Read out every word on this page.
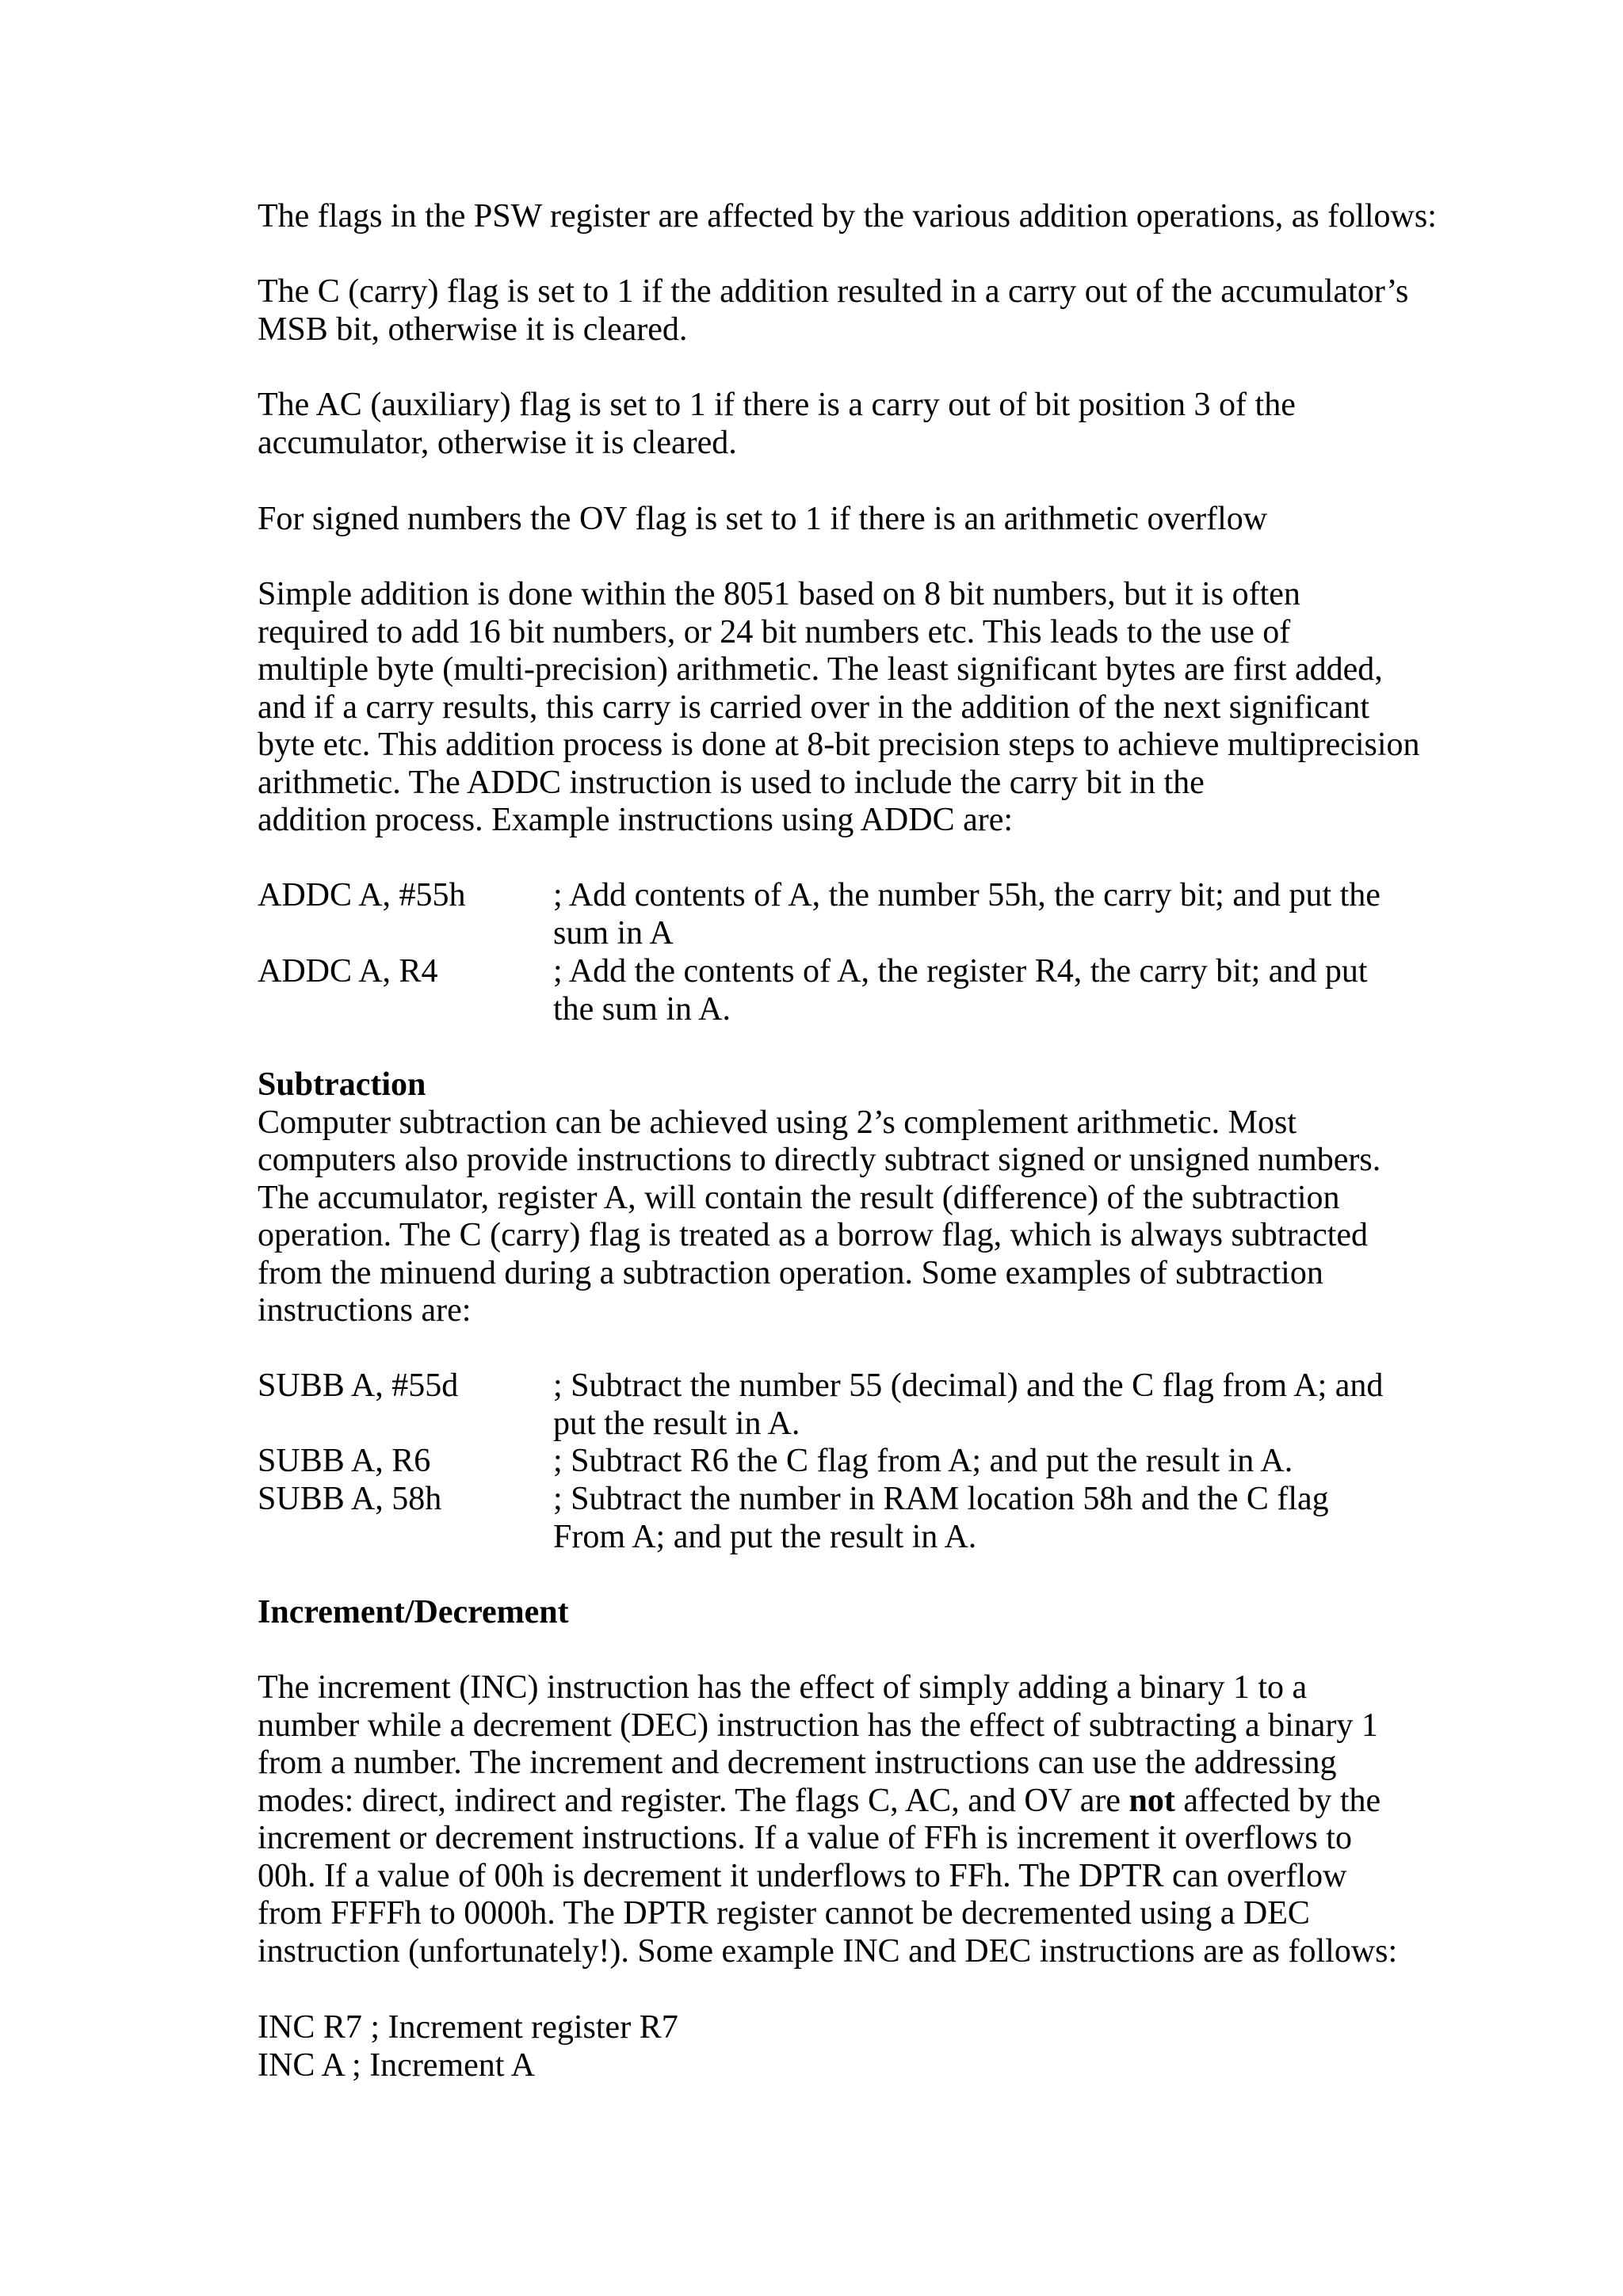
The flags in the PSW register are affected by the various addition operations, as follows:

The C (carry) flag is set to 1 if the addition resulted in a carry out of the accumulator’s
MSB bit, otherwise it is cleared.

The AC (auxiliary) flag is set to 1 if there is a carry out of bit position 3 of the
accumulator, otherwise it is cleared.

For signed numbers the OV flag is set to 1 if there is an arithmetic overflow

Simple addition is done within the 8051 based on 8 bit numbers, but it is often
required to add 16 bit numbers, or 24 bit numbers etc. This leads to the use of
multiple byte (multi-precision) arithmetic. The least significant bytes are first added,
and if a carry results, this carry is carried over in the addition of the next significant
byte etc. This addition process is done at 8-bit precision steps to achieve multiprecision
arithmetic. The ADDC instruction is used to include the carry bit in the
addition process. Example instructions using ADDC are:

ADDC A, #55h	; Add contents of A, the number 55h, the carry bit; and put the
sum in A
ADDC A, R4	; Add the contents of A, the register R4, the carry bit; and put
the sum in A.

Subtraction

Computer subtraction can be achieved using 2’s complement arithmetic. Most
computers also provide instructions to directly subtract signed or unsigned numbers.
The accumulator, register A, will contain the result (difference) of the subtraction
operation. The C (carry) flag is treated as a borrow flag, which is always subtracted
from the minuend during a subtraction operation. Some examples of subtraction
instructions are:

SUBB A, #55d	; Subtract the number 55 (decimal) and the C flag from A; and
put the result in A.
SUBB A, R6	; Subtract R6 the C flag from A; and put the result in A.
SUBB A, 58h	; Subtract the number in RAM location 58h and the C flag
From A; and put the result in A.

Increment/Decrement

The increment (INC) instruction has the effect of simply adding a binary 1 to a
number while a decrement (DEC) instruction has the effect of subtracting a binary 1
from a number. The increment and decrement instructions can use the addressing
modes: direct, indirect and register. The flags C, AC, and OV are not affected by the
increment or decrement instructions. If a value of FFh is increment it overflows to
00h. If a value of 00h is decrement it underflows to FFh. The DPTR can overflow
from FFFFh to 0000h. The DPTR register cannot be decremented using a DEC
instruction (unfortunately!). Some example INC and DEC instructions are as follows:

INC R7 ; Increment register R7

INC A ; Increment A
